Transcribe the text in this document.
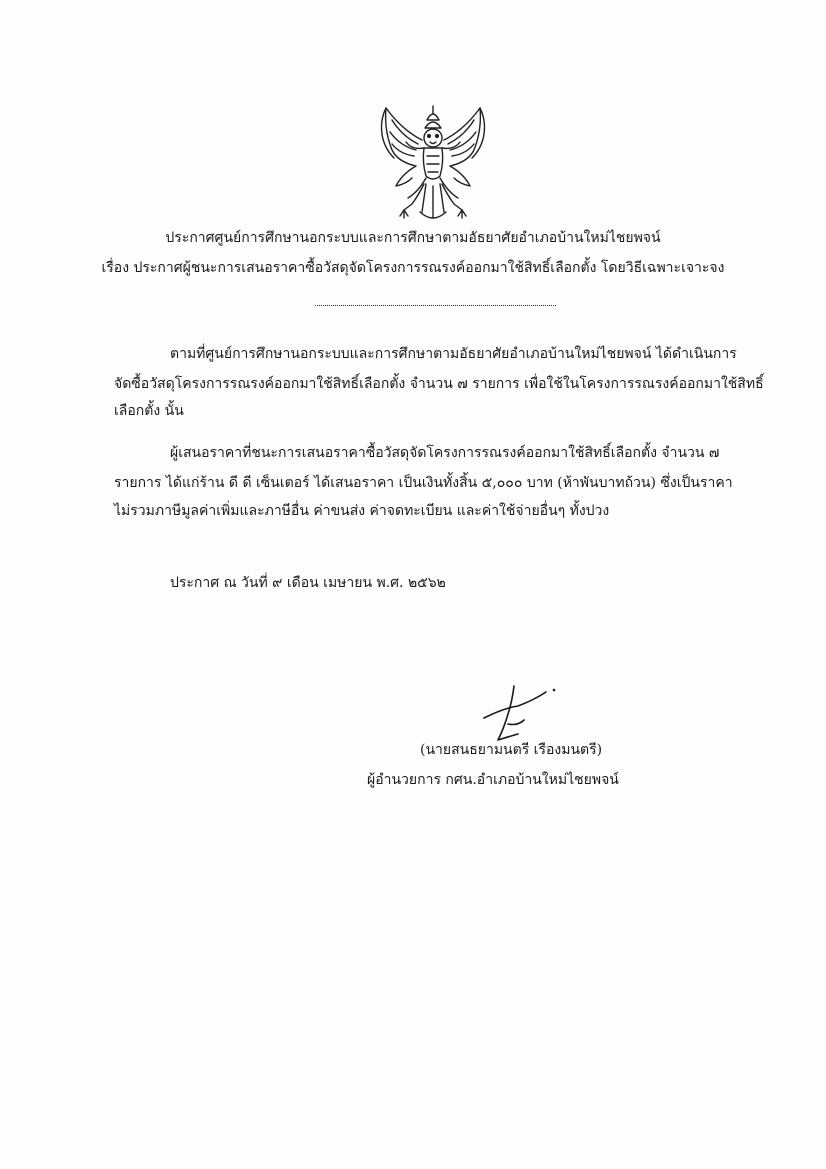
ประกาศศูนย์การศึกษานอกระบบและการศึกษาตามอัธยาศัยอำเภอบ้านใหม่ไชยพจน์
เรื่อง ประกาศผู้ชนะการเสนอราคาซื้อวัสดุจัดโครงการรณรงค์ออกมาใช้สิทธิ์เลือกตั้ง โดยวิธีเฉพาะเจาะจง
ตามที่ศูนย์การศึกษานอกระบบและการศึกษาตามอัธยาศัยอำเภอบ้านใหม่ไชยพจน์ ได้ดำเนินการ
จัดซื้อวัสดุโครงการรณรงค์ออกมาใช้สิทธิ์เลือกตั้ง จำนวน ๗ รายการ เพื่อใช้ในโครงการรณรงค์ออกมาใช้สิทธิ์
เลือกตั้ง นั้น
ผู้เสนอราคาที่ชนะการเสนอราคาซื้อวัสดุจัดโครงการรณรงค์ออกมาใช้สิทธิ์เลือกตั้ง จำนวน ๗
รายการ ได้แก่ร้าน ดี ดี เซ็นเตอร์ ได้เสนอราคา เป็นเงินทั้งสิ้น ๕,๐๐๐ บาท (ห้าพันบาทถ้วน) ซึ่งเป็นราคา
ไม่รวมภาษีมูลค่าเพิ่มและภาษีอื่น ค่าขนส่ง ค่าจดทะเบียน และค่าใช้จ่ายอื่นๆ ทั้งปวง
ประกาศ ณ วันที่ ๙ เดือน เมษายน พ.ศ. ๒๕๖๒
(นายสนธยามนตรี เรืองมนตรี)
ผู้อำนวยการ กศน.อำเภอบ้านใหม่ไชยพจน์
